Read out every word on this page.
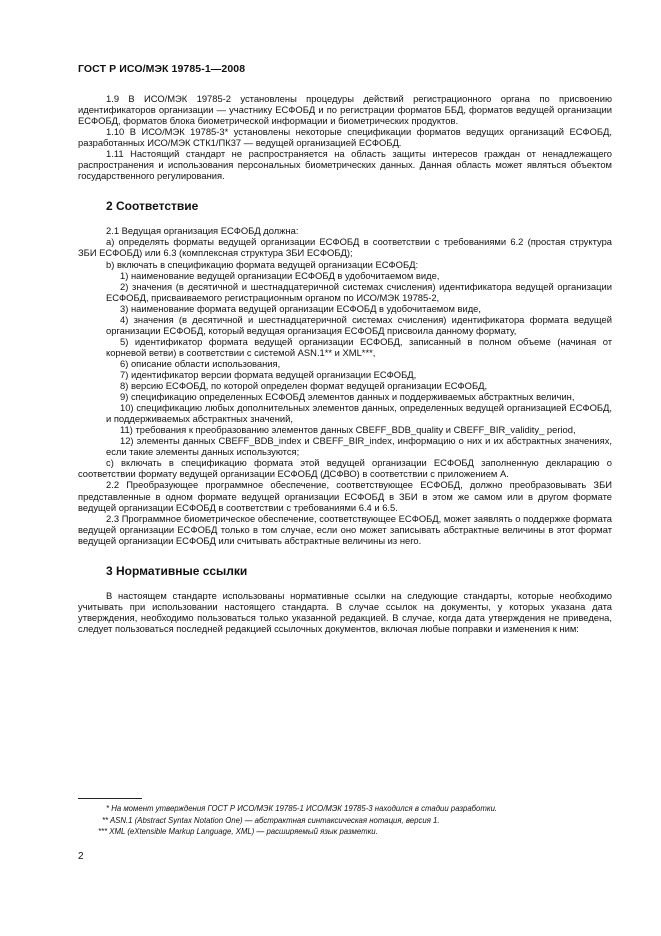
ГОСТ Р ИСО/МЭК 19785-1—2008

1.9 В ИСО/МЭК 19785-2 установлены процедуры действий регистрационного органа по присвоению идентификаторов организации — участнику ЕСФОБД и по регистрации форматов ББД, форматов ведущей организации ЕСФОБД, форматов блока биометрической информации и биометрических продуктов.

1.10 В ИСО/МЭК 19785-3* установлены некоторые спецификации форматов ведущих организаций ЕСФОБД, разработанных ИСО/МЭК СТК1/ПК37 — ведущей организацией ЕСФОБД.

1.11 Настоящий стандарт не распространяется на область защиты интересов граждан от ненадлежащего распространения и использования персональных биометрических данных. Данная область может являться объектом государственного регулирования.

2 Соответствие

2.1 Ведущая организация ЕСФОБД должна:

a) определять форматы ведущей организации ЕСФОБД в соответствии с требованиями 6.2 (простая структура ЗБИ ЕСФОБД) или 6.3 (комплексная структура ЗБИ ЕСФОБД);

b) включать в спецификацию формата ведущей организации ЕСФОБД:

1) наименование ведущей организации ЕСФОБД в удобочитаемом виде,

2) значения (в десятичной и шестнадцатеричной системах счисления) идентификатора ведущей организации ЕСФОБД, присваиваемого регистрационным органом по ИСО/МЭК 19785-2,

3) наименование формата ведущей организации ЕСФОБД в удобочитаемом виде,

4) значения (в десятичной и шестнадцатеричной системах счисления) идентификатора формата ведущей организации ЕСФОБД, который ведущая организация ЕСФОБД присвоила данному формату,

5) идентификатор формата ведущей организации ЕСФОБД, записанный в полном объеме (начиная от корневой ветви) в соответствии с системой ASN.1** и XML***,

6) описание области использования,

7) идентификатор версии формата ведущей организации ЕСФОБД,

8) версию ЕСФОБД, по которой определен формат ведущей организации ЕСФОБД,

9) спецификацию определенных ЕСФОБД элементов данных и поддерживаемых абстрактных величин,

10) спецификацию любых дополнительных элементов данных, определенных ведущей организацией ЕСФОБД, и поддерживаемых абстрактных значений,

11) требования к преобразованию элементов данных CBEFF_BDB_quality и CBEFF_BIR_validity_ period,

12) элементы данных CBEFF_BDB_index и CBEFF_BIR_index, информацию о них и их абстрактных значениях, если такие элементы данных используются;

c) включать в спецификацию формата этой ведущей организации ЕСФОБД заполненную декларацию о соответствии формату ведущей организации ЕСФОБД (ДСФВО) в соответствии с приложением А.

2.2 Преобразующее программное обеспечение, соответствующее ЕСФОБД, должно преобразовывать ЗБИ представленные в одном формате ведущей организации ЕСФОБД в ЗБИ в этом же самом или в другом формате ведущей организации ЕСФОБД в соответствии с требованиями 6.4 и 6.5.

2.3 Программное биометрическое обеспечение, соответствующее ЕСФОБД, может заявлять о поддержке формата ведущей организации ЕСФОБД только в том случае, если оно может записывать абстрактные величины в этот формат ведущей организации ЕСФОБД или считывать абстрактные величины из него.

3 Нормативные ссылки

В настоящем стандарте использованы нормативные ссылки на следующие стандарты, которые необходимо учитывать при использовании настоящего стандарта. В случае ссылок на документы, у которых указана дата утверждения, необходимо пользоваться только указанной редакцией. В случае, когда дата утверждения не приведена, следует пользоваться последней редакцией ссылочных документов, включая любые поправки и изменения к ним:

* На момент утверждения ГОСТ Р ИСО/МЭК 19785-1 ИСО/МЭК 19785-3 находился в стадии разработки.

** ASN.1 (Abstract Syntax Notation One) — абстрактная синтаксическая нотация, версия 1.

*** XML (eXtensible Markup Language, XML) — расширяемый язык разметки.

2
